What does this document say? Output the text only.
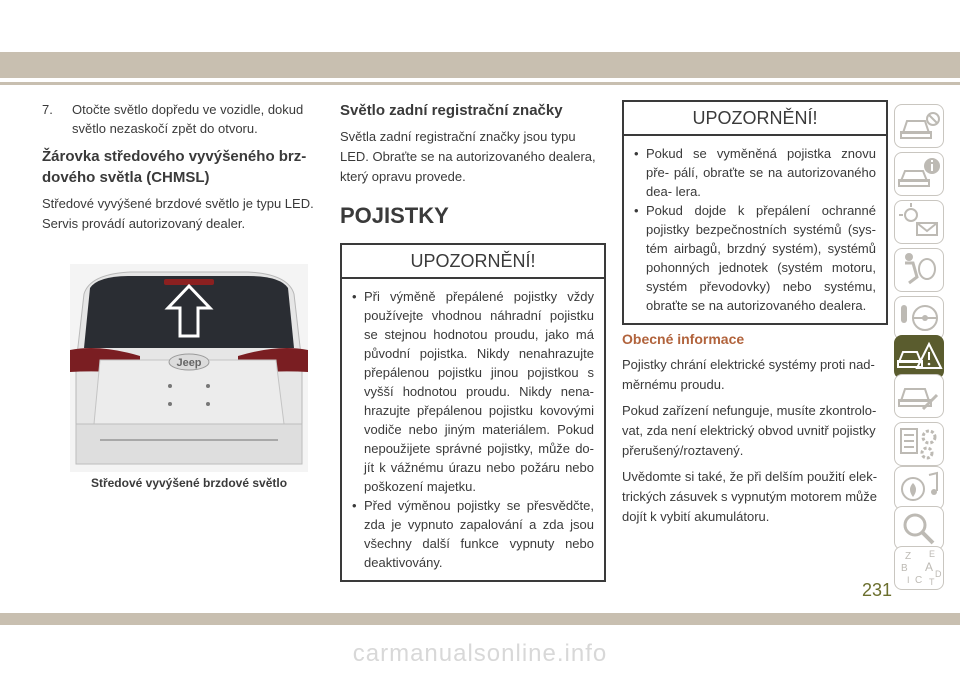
7. Otočte světlo dopředu ve vozidle, dokud světlo nezaskočí zpět do otvoru.
Žárovka středového vyvýšeného brz- dového světla (CHMSL)

Středové vyvýšené brzdové světlo je typu LED. Servis provádí autorizovaný dealer.

Jeep
Středové vyvýšené brzdové světlo
Světlo zadní registrační značky

Světla zadní registrační značky jsou typu LED. Obraťte se na autorizovaného dealera, který opravu provede.

POJISTKY
UPOZORNĚNÍ!
• Při výměně přepálené pojistky vždy používejte vhodnou náhradní pojistku se stejnou hodnotou proudu, jako má původní pojistka. Nikdy nenahrazujte přepálenou pojistku jinou pojistkou s vyšší hodnotou proudu. Nikdy nena- hrazujte přepálenou pojistku kovovými vodiče nebo jiným materiálem. Pokud nepoužijete správné pojistky, může do- jít k vážnému úrazu nebo požáru nebo poškození majetku.
• Před výměnou pojistky se přesvědčte, zda je vypnuto zapalování a zda jsou všechny další funkce vypnuty nebo deaktivovány.
UPOZORNĚNÍ!
• Pokud se vyměněná pojistka znovu pře- pálí, obraťte se na autorizovaného dea- lera.
• Pokud dojde k přepálení ochranné pojistky bezpečnostních systémů (sys- tém airbagů, brzdný systém), systémů pohonných jednotek (systém motoru, systém převodovky) nebo systému, obraťte se na autorizovaného dealera.
Obecné informace

Pojistky chrání elektrické systémy proti nad- měrnému proudu.

Pokud zařízení nefunguje, musíte zkontrolo- vat, zda není elektrický obvod uvnitř pojistky přerušený/roztavený.

Uvědomte si také, že při delším použití elek- trických zásuvek s vypnutým motorem může dojít k vybití akumulátoru.

Z E
B A
I C T
D
231
carmanualsonline.info
